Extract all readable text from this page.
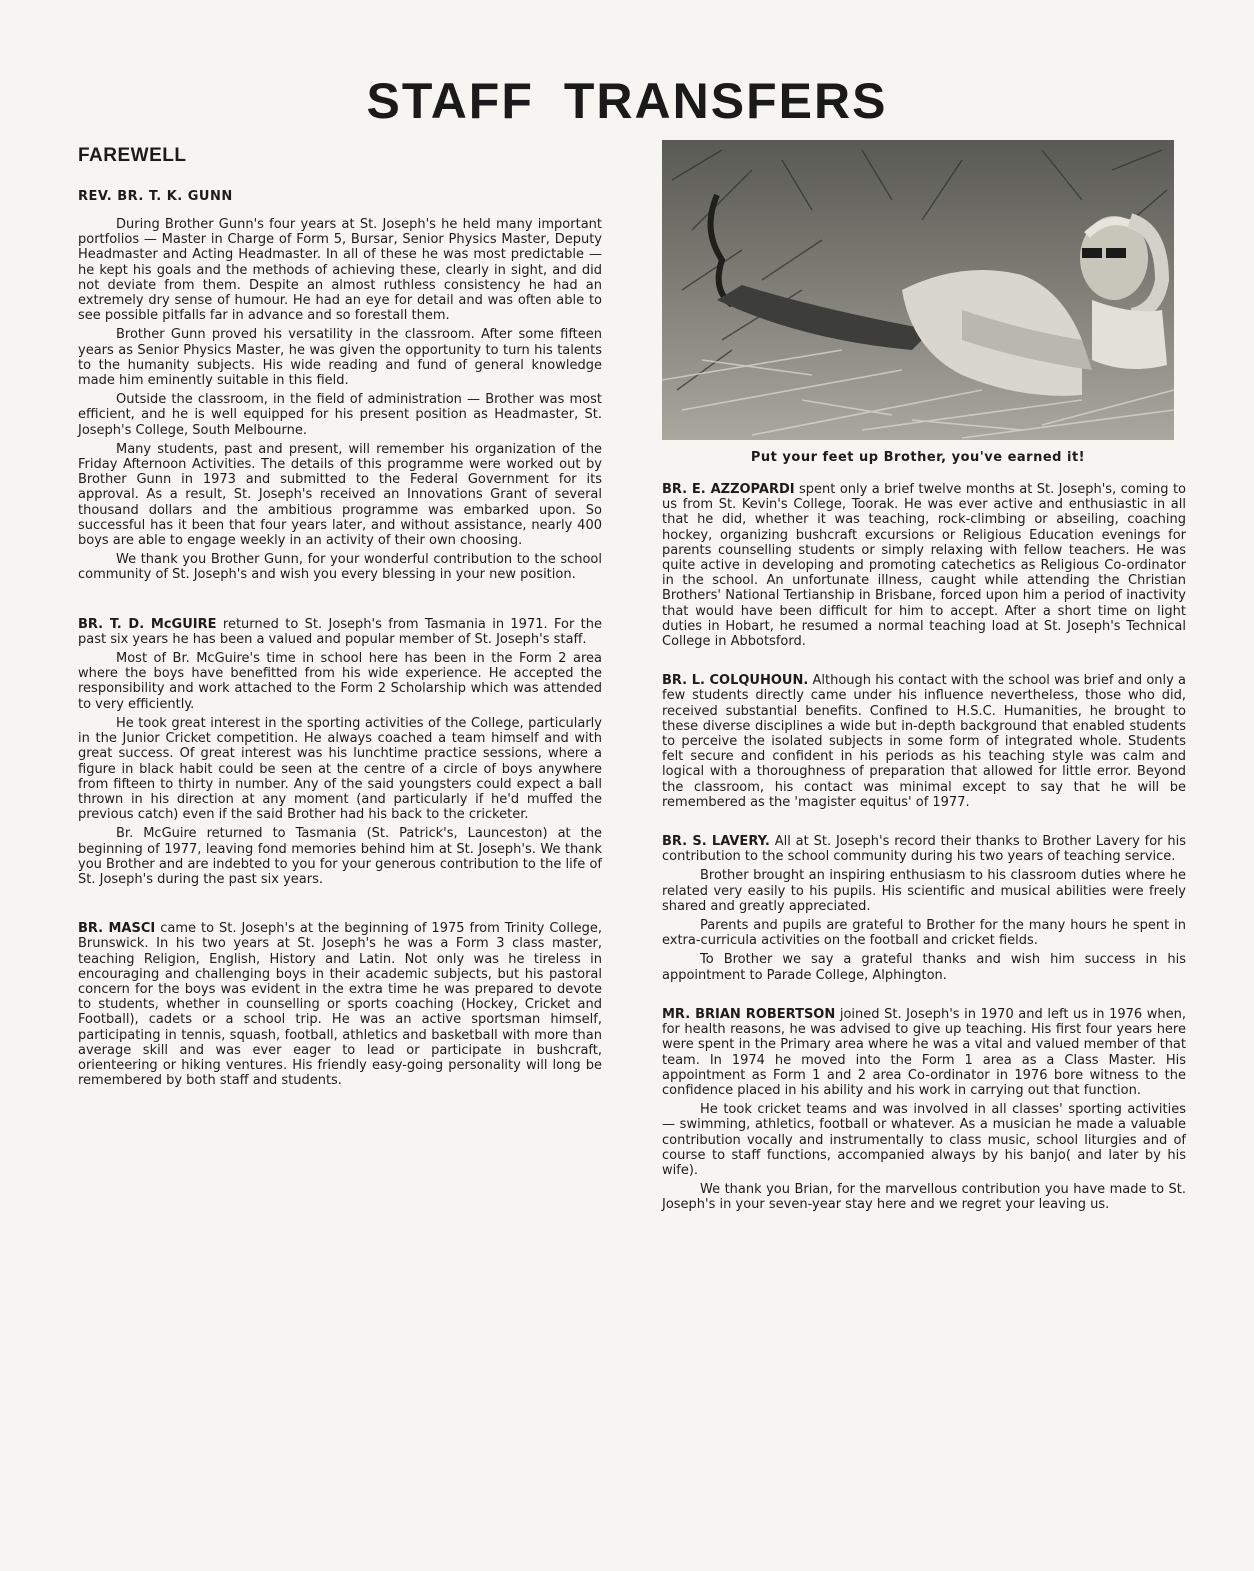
STAFF TRANSFERS
FAREWELL
REV. BR. T. K. GUNN

During Brother Gunn's four years at St. Joseph's he held many important portfolios — Master in Charge of Form 5, Bursar, Senior Physics Master, Deputy Headmaster and Acting Headmaster. In all of these he was most predictable — he kept his goals and the methods of achieving these, clearly in sight, and did not deviate from them. Despite an almost ruthless consistency he had an extremely dry sense of humour. He had an eye for detail and was often able to see possible pitfalls far in advance and so forestall them.

Brother Gunn proved his versatility in the classroom. After some fifteen years as Senior Physics Master, he was given the opportunity to turn his talents to the humanity subjects. His wide reading and fund of general knowledge made him eminently suitable in this field.

Outside the classroom, in the field of administration — Brother was most efficient, and he is well equipped for his present position as Headmaster, St. Joseph's College, South Melbourne.

Many students, past and present, will remember his organization of the Friday Afternoon Activities. The details of this programme were worked out by Brother Gunn in 1973 and submitted to the Federal Government for its approval. As a result, St. Joseph's received an Innovations Grant of several thousand dollars and the ambitious programme was embarked upon. So successful has it been that four years later, and without assistance, nearly 400 boys are able to engage weekly in an activity of their own choosing.

We thank you Brother Gunn, for your wonderful contribution to the school community of St. Joseph's and wish you every blessing in your new position.

BR. T. D. McGUIRE returned to St. Joseph's from Tasmania in 1971. For the past six years he has been a valued and popular member of St. Joseph's staff.

Most of Br. McGuire's time in school here has been in the Form 2 area where the boys have benefitted from his wide experience. He accepted the responsibility and work attached to the Form 2 Scholarship which was attended to very efficiently.

He took great interest in the sporting activities of the College, particularly in the Junior Cricket competition. He always coached a team himself and with great success. Of great interest was his lunchtime practice sessions, where a figure in black habit could be seen at the centre of a circle of boys anywhere from fifteen to thirty in number. Any of the said youngsters could expect a ball thrown in his direction at any moment (and particularly if he'd muffed the previous catch) even if the said Brother had his back to the cricketer.

Br. McGuire returned to Tasmania (St. Patrick's, Launceston) at the beginning of 1977, leaving fond memories behind him at St. Joseph's. We thank you Brother and are indebted to you for your generous contribution to the life of St. Joseph's during the past six years.

BR. MASCI came to St. Joseph's at the beginning of 1975 from Trinity College, Brunswick. In his two years at St. Joseph's he was a Form 3 class master, teaching Religion, English, History and Latin. Not only was he tireless in encouraging and challenging boys in their academic subjects, but his pastoral concern for the boys was evident in the extra time he was prepared to devote to students, whether in counselling or sports coaching (Hockey, Cricket and Football), cadets or a school trip. He was an active sportsman himself, participating in tennis, squash, football, athletics and basketball with more than average skill and was ever eager to lead or participate in bushcraft, orienteering or hiking ventures. His friendly easy-going personality will long be remembered by both staff and students.

Put your feet up Brother, you've earned it!

BR. E. AZZOPARDI spent only a brief twelve months at St. Joseph's, coming to us from St. Kevin's College, Toorak. He was ever active and enthusiastic in all that he did, whether it was teaching, rock-climbing or abseiling, coaching hockey, organizing bushcraft excursions or Religious Education evenings for parents counselling students or simply relaxing with fellow teachers. He was quite active in developing and promoting catechetics as Religious Co-ordinator in the school. An unfortunate illness, caught while attending the Christian Brothers' National Tertianship in Brisbane, forced upon him a period of inactivity that would have been difficult for him to accept. After a short time on light duties in Hobart, he resumed a normal teaching load at St. Joseph's Technical College in Abbotsford.

BR. L. COLQUHOUN. Although his contact with the school was brief and only a few students directly came under his influence nevertheless, those who did, received substantial benefits. Confined to H.S.C. Humanities, he brought to these diverse disciplines a wide but in-depth background that enabled students to perceive the isolated subjects in some form of integrated whole. Students felt secure and confident in his periods as his teaching style was calm and logical with a thoroughness of preparation that allowed for little error. Beyond the classroom, his contact was minimal except to say that he will be remembered as the 'magister equitus' of 1977.

BR. S. LAVERY. All at St. Joseph's record their thanks to Brother Lavery for his contribution to the school community during his two years of teaching service.

Brother brought an inspiring enthusiasm to his classroom duties where he related very easily to his pupils. His scientific and musical abilities were freely shared and greatly appreciated.

Parents and pupils are grateful to Brother for the many hours he spent in extra-curricula activities on the football and cricket fields.

To Brother we say a grateful thanks and wish him success in his appointment to Parade College, Alphington.

MR. BRIAN ROBERTSON joined St. Joseph's in 1970 and left us in 1976 when, for health reasons, he was advised to give up teaching. His first four years here were spent in the Primary area where he was a vital and valued member of that team. In 1974 he moved into the Form 1 area as a Class Master. His appointment as Form 1 and 2 area Co-ordinator in 1976 bore witness to the confidence placed in his ability and his work in carrying out that function.

He took cricket teams and was involved in all classes' sporting activities — swimming, athletics, football or whatever. As a musician he made a valuable contribution vocally and instrumentally to class music, school liturgies and of course to staff functions, accompanied always by his banjo( and later by his wife).

We thank you Brian, for the marvellous contribution you have made to St. Joseph's in your seven-year stay here and we regret your leaving us.
